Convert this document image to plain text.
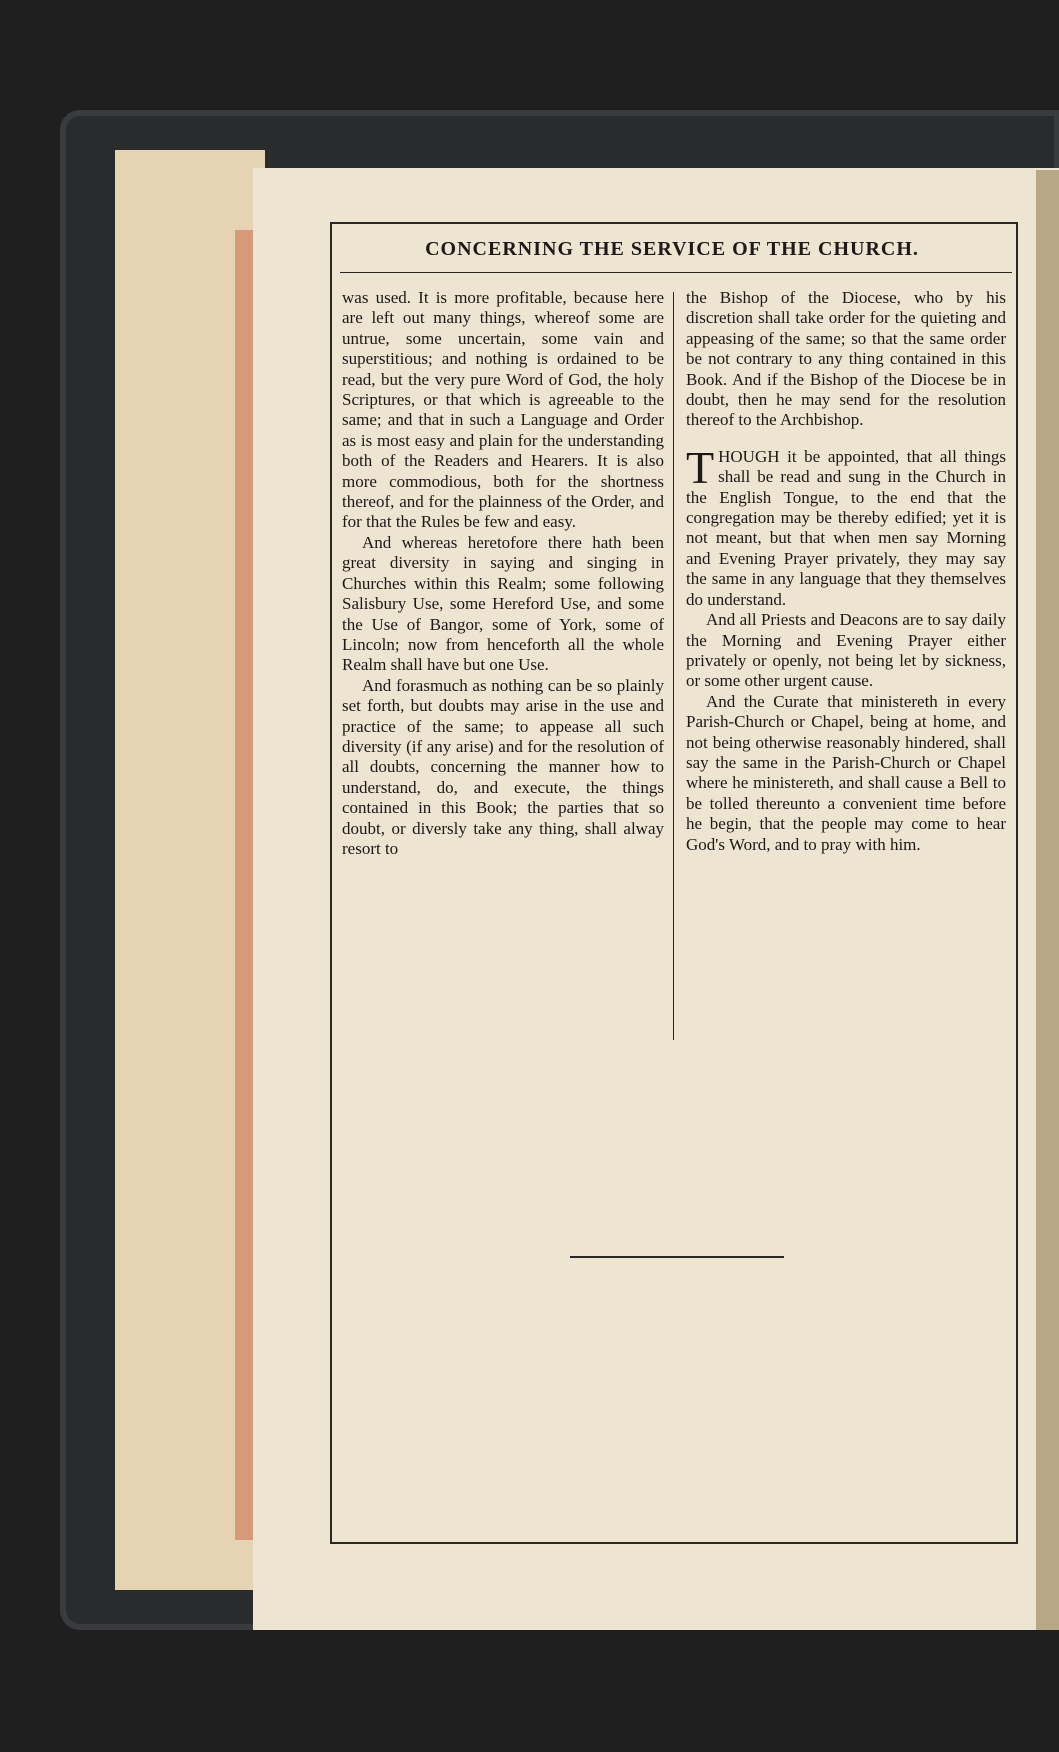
CONCERNING THE SERVICE OF THE CHURCH.

was used. It is more profitable, because here are left out many things, whereof some are untrue, some uncertain, some vain and superstitious; and nothing is ordained to be read, but the very pure Word of God, the holy Scriptures, or that which is agreeable to the same; and that in such a Language and Order as is most easy and plain for the understanding both of the Readers and Hearers. It is also more commodious, both for the shortness thereof, and for the plainness of the Order, and for that the Rules be few and easy.

And whereas heretofore there hath been great diversity in saying and singing in Churches within this Realm; some following Salisbury Use, some Hereford Use, and some the Use of Bangor, some of York, some of Lincoln; now from henceforth all the whole Realm shall have but one Use.

And forasmuch as nothing can be so plainly set forth, but doubts may arise in the use and practice of the same; to appease all such diversity (if any arise) and for the resolution of all doubts, concerning the manner how to understand, do, and execute, the things contained in this Book; the parties that so doubt, or diversly take any thing, shall alway resort to

the Bishop of the Diocese, who by his discretion shall take order for the quieting and appeasing of the same; so that the same order be not contrary to any thing contained in this Book. And if the Bishop of the Diocese be in doubt, then he may send for the resolution thereof to the Archbishop.

THOUGH it be appointed, that all things shall be read and sung in the Church in the English Tongue, to the end that the congregation may be thereby edified; yet it is not meant, but that when men say Morning and Evening Prayer privately, they may say the same in any language that they themselves do understand.

And all Priests and Deacons are to say daily the Morning and Evening Prayer either privately or openly, not being let by sickness, or some other urgent cause.

And the Curate that ministereth in every Parish-Church or Chapel, being at home, and not being otherwise reasonably hindered, shall say the same in the Parish-Church or Chapel where he ministereth, and shall cause a Bell to be tolled thereunto a convenient time before he begin, that the people may come to hear God's Word, and to pray with him.
